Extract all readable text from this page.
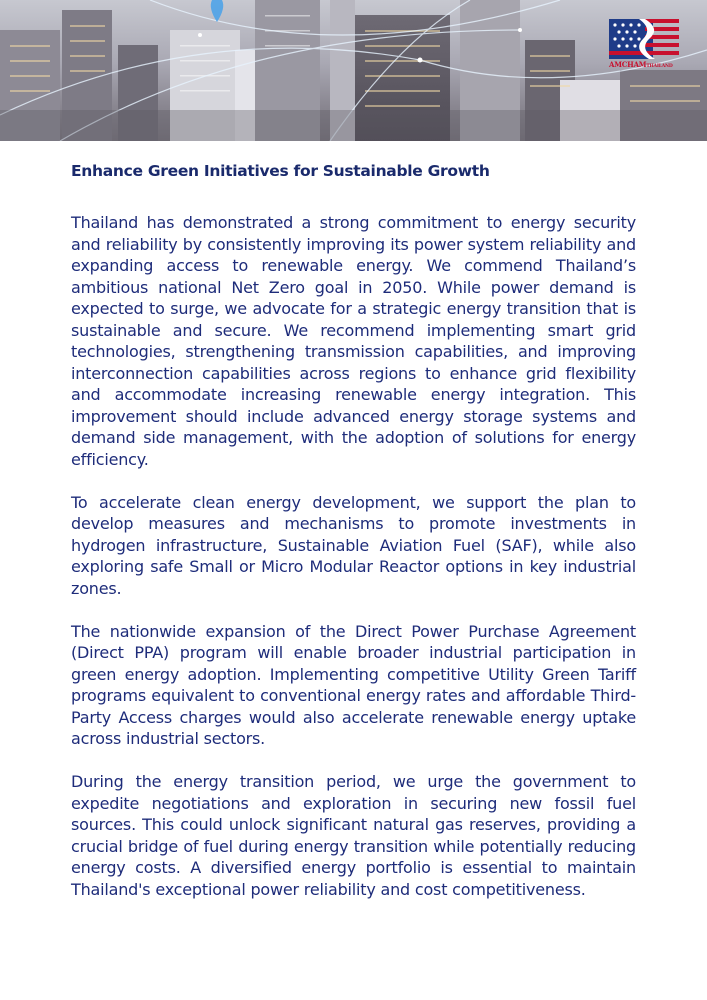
AMCHAMTHAILAND
Enhance Green Initiatives for Sustainable Growth

Thailand has demonstrated a strong commitment to energy security and reliability by consistently improving its power system reliability and expanding access to renewable energy. We commend Thailand’s ambitious national Net Zero goal in 2050. While power demand is expected to surge, we advocate for a strategic energy transition that is sustainable and secure. We recommend implementing smart grid technologies, strengthening transmission capabilities, and improving interconnection capabilities across regions to enhance grid flexibility and accommodate increasing renewable energy integration. This improvement should include advanced energy storage systems and demand side management, with the adoption of solutions for energy efficiency.

To accelerate clean energy development, we support the plan to develop measures and mechanisms to promote investments in hydrogen infrastructure, Sustainable Aviation Fuel (SAF), while also exploring safe Small or Micro Modular Reactor options in key industrial zones.

The nationwide expansion of the Direct Power Purchase Agreement (Direct PPA) program will enable broader industrial participation in green energy adoption. Implementing competitive Utility Green Tariff programs equivalent to conventional energy rates and affordable Third-Party Access charges would also accelerate renewable energy uptake across industrial sectors.

During the energy transition period, we urge the government to expedite negotiations and exploration in securing new fossil fuel sources. This could unlock significant natural gas reserves, providing a crucial bridge of fuel during energy transition while potentially reducing energy costs. A diversified energy portfolio is essential to maintain Thailand's exceptional power reliability and cost competitiveness.
